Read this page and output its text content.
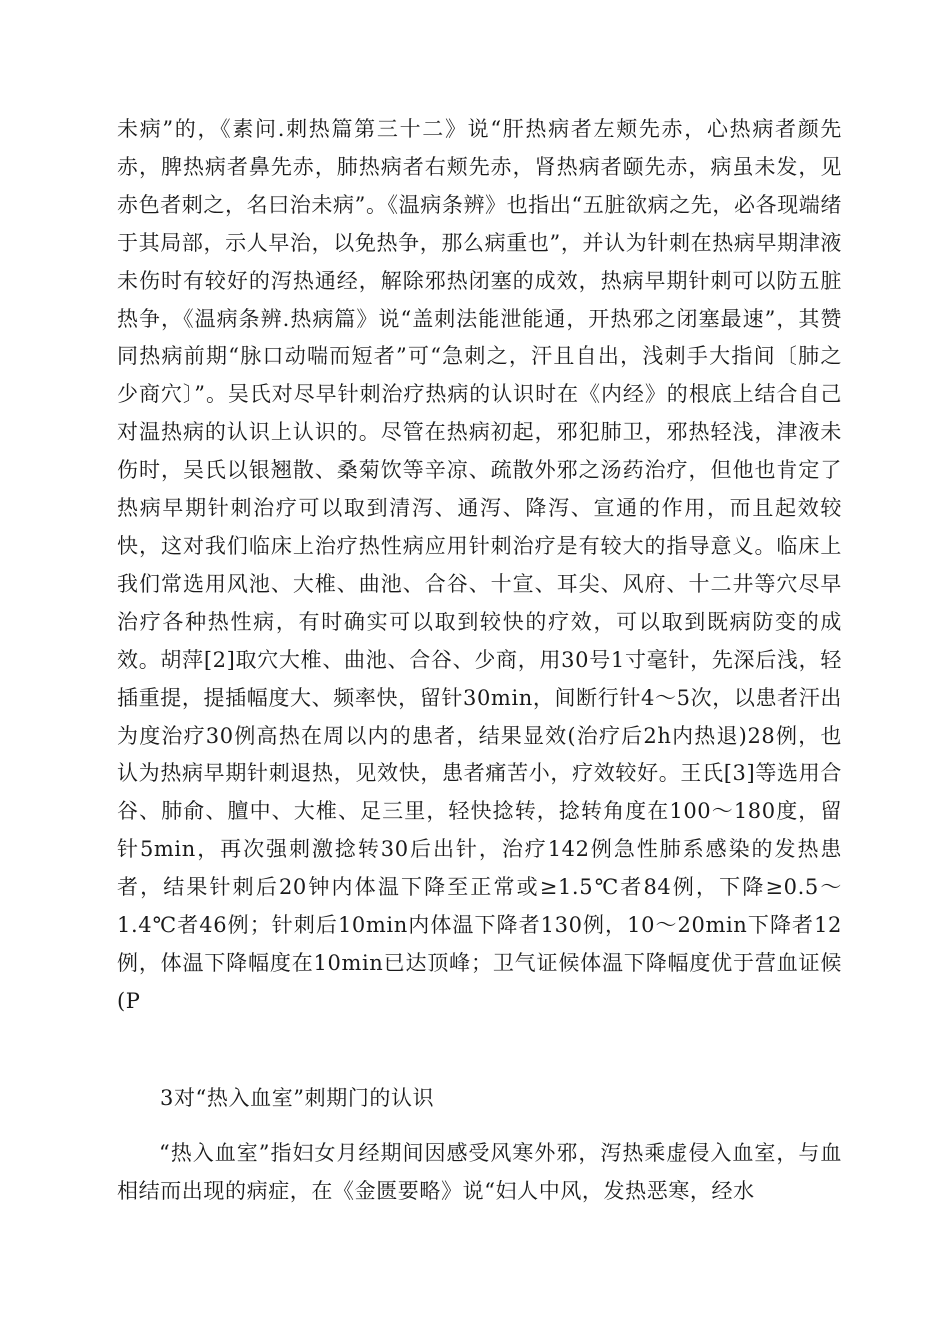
未病”的，《素问.刺热篇第三十二》说“肝热病者左颊先赤，心热病者颜先赤，脾热病者鼻先赤，肺热病者右颊先赤，肾热病者颐先赤，病虽未发，见赤色者刺之，名曰治未病”。《温病条辨》也指出“五脏欲病之先，必各现端绪于其局部，示人早治，以免热争，那么病重也”，并认为针刺在热病早期津液未伤时有较好的泻热通经，解除邪热闭塞的成效，热病早期针刺可以防五脏热争，《温病条辨.热病篇》说“盖刺法能泄能通，开热邪之闭塞最速”，其赞同热病前期“脉口动喘而短者”可“急刺之，汗且自出，浅刺手大指间〔肺之少商穴〕”。吴氏对尽早针刺治疗热病的认识时在《内经》的根底上结合自己对温热病的认识上认识的。尽管在热病初起，邪犯肺卫，邪热轻浅，津液未伤时，吴氏以银翘散、桑菊饮等辛凉、疏散外邪之汤药治疗，但他也肯定了热病早期针刺治疗可以取到清泻、通泻、降泻、宣通的作用，而且起效较快，这对我们临床上治疗热性病应用针刺治疗是有较大的指导意义。临床上我们常选用风池、大椎、曲池、合谷、十宣、耳尖、风府、十二井等穴尽早治疗各种热性病，有时确实可以取到较快的疗效，可以取到既病防变的成效。胡萍[2]取穴大椎、曲池、合谷、少商，用30号1寸毫针，先深后浅，轻插重提，提插幅度大、频率快，留针30min，间断行针4～5次，以患者汗出为度治疗30例高热在周以内的患者，结果显效(治疗后2h内热退)28例，也认为热病早期针刺退热，见效快，患者痛苦小，疗效较好。王氏[3]等选用合谷、肺俞、膻中、大椎、足三里，轻快捻转，捻转角度在100～180度，留针5min，再次强刺激捻转30后出针，治疗142例急性肺系感染的发热患者，结果针刺后20钟内体温下降至正常或≥1.5℃者84例，下降≥0.5～1.4℃者46例；针刺后10min内体温下降者130例，10～20min下降者12例，体温下降幅度在10min已达顶峰；卫气证候体温下降幅度优于营血证候(P

3对“热入血室”刺期门的认识

“热入血室”指妇女月经期间因感受风寒外邪，泻热乘虚侵入血室，与血相结而出现的病症，在《金匮要略》说“妇人中风，发热恶寒，经水
